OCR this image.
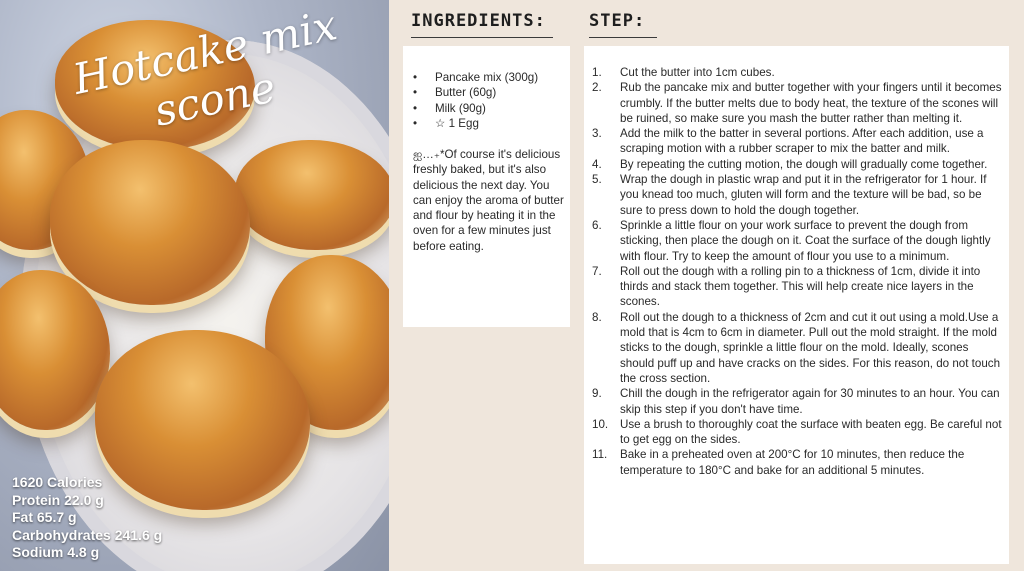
Hotcake mix scone
1620 Calories
Protein 22.0 g
Fat 65.7 g
Carbohydrates 241.6 g
Sodium 4.8 g
INGREDIENTS:	STEP:
•	Pancake mix (300g)
•	Butter (60g)
•	Milk (90g)
•	☆ 1 Egg
ஐ…₊*Of course it's delicious freshly baked, but it's also delicious the next day. You can enjoy the aroma of butter and flour by heating it in the oven for a few minutes just before eating.
1.	Cut the butter into 1cm cubes.
2.	Rub the pancake mix and butter together with your fingers until it becomes crumbly. If the butter melts due to body heat, the texture of the scones will be ruined, so make sure you mash the butter rather than melting it.
3.	Add the milk to the batter in several portions. After each addition, use a scraping motion with a rubber scraper to mix the batter and milk.
4.	By repeating the cutting motion, the dough will gradually come together.
5.	Wrap the dough in plastic wrap and put it in the refrigerator for 1 hour. If you knead too much, gluten will form and the texture will be bad, so be sure to press down to hold the dough together.
6.	Sprinkle a little flour on your work surface to prevent the dough from sticking, then place the dough on it. Coat the surface of the dough lightly with flour. Try to keep the amount of flour you use to a minimum.
7.	Roll out the dough with a rolling pin to a thickness of 1cm, divide it into thirds and stack them together. This will help create nice layers in the scones.
8.	Roll out the dough to a thickness of 2cm and cut it out using a mold.Use a mold that is 4cm to 6cm in diameter. Pull out the mold straight. If the mold sticks to the dough, sprinkle a little flour on the mold. Ideally, scones should puff up and have cracks on the sides. For this reason, do not touch the cross section.
9.	Chill the dough in the refrigerator again for 30 minutes to an hour. You can skip this step if you don't have time.
10.	Use a brush to thoroughly coat the surface with beaten egg. Be careful not to get egg on the sides.
11.	Bake in a preheated oven at 200°C for 10 minutes, then reduce the temperature to 180°C and bake for an additional 5 minutes.
